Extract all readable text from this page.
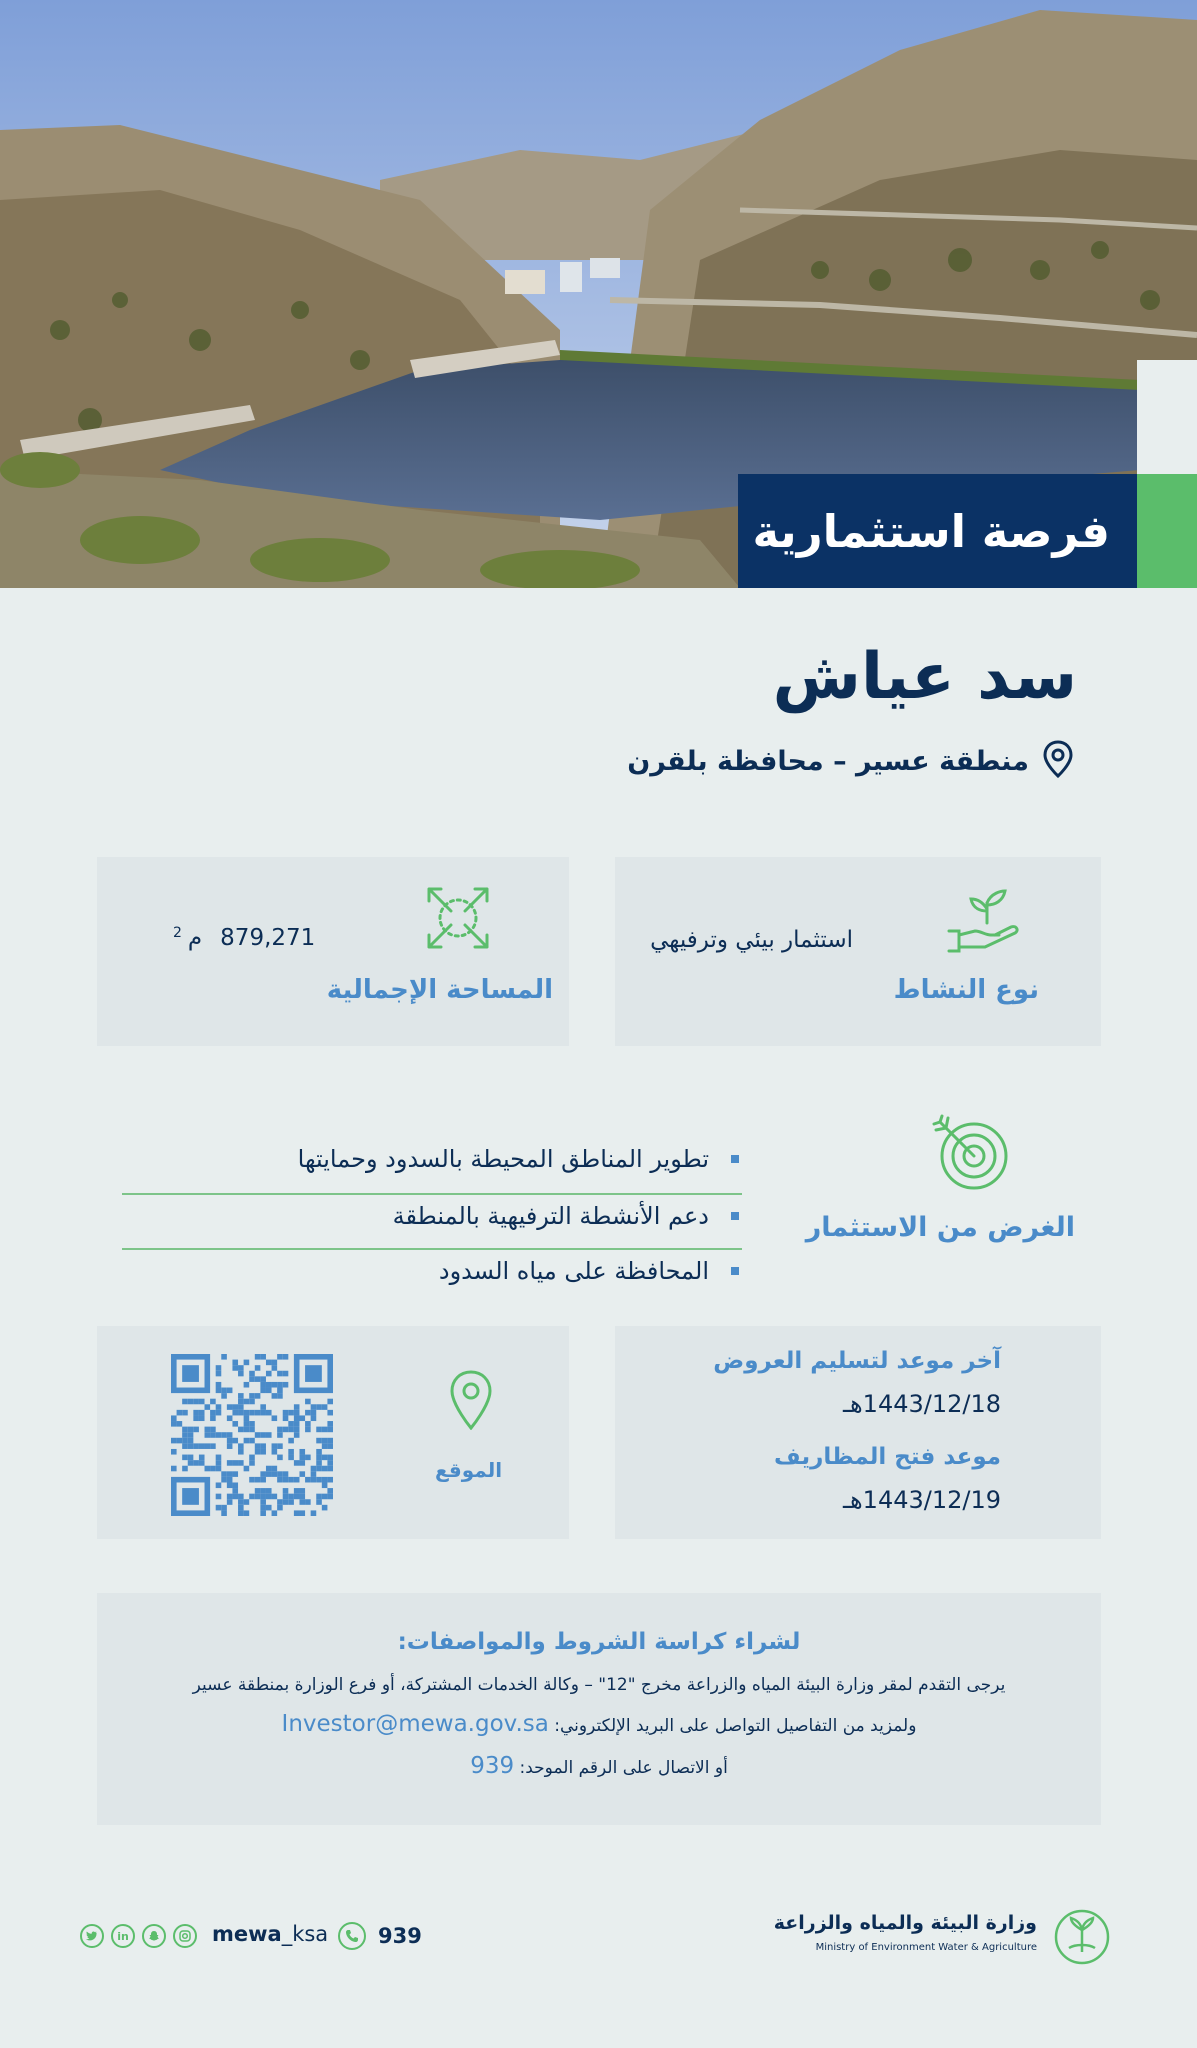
فرصة استثمارية
سد عياش
منطقة عسير – محافظة بلقرن
نوع النشاط
استثمار بيئي وترفيهي
المساحة الإجمالية
2 م 879,271
الغرض من الاستثمار
تطوير المناطق المحيطة بالسدود وحمايتها
دعم الأنشطة الترفيهية بالمنطقة
المحافظة على مياه السدود
آخر موعد لتسليم العروض
1443/12/18هـ
موعد فتح المظاريف
1443/12/19هـ
الموقع
لشراء كراسة الشروط والمواصفات:
يرجى التقدم لمقر وزارة البيئة المياه والزراعة مخرج "12" – وكالة الخدمات المشتركة، أو فرع الوزارة بمنطقة عسير
ولمزيد من التفاصيل التواصل على البريد الإلكتروني: Investor@mewa.gov.sa
أو الاتصال على الرقم الموحد: 939
وزارة البيئة والمياه والزراعة
Ministry of Environment Water & Agriculture
939
mewa_ksa
in
